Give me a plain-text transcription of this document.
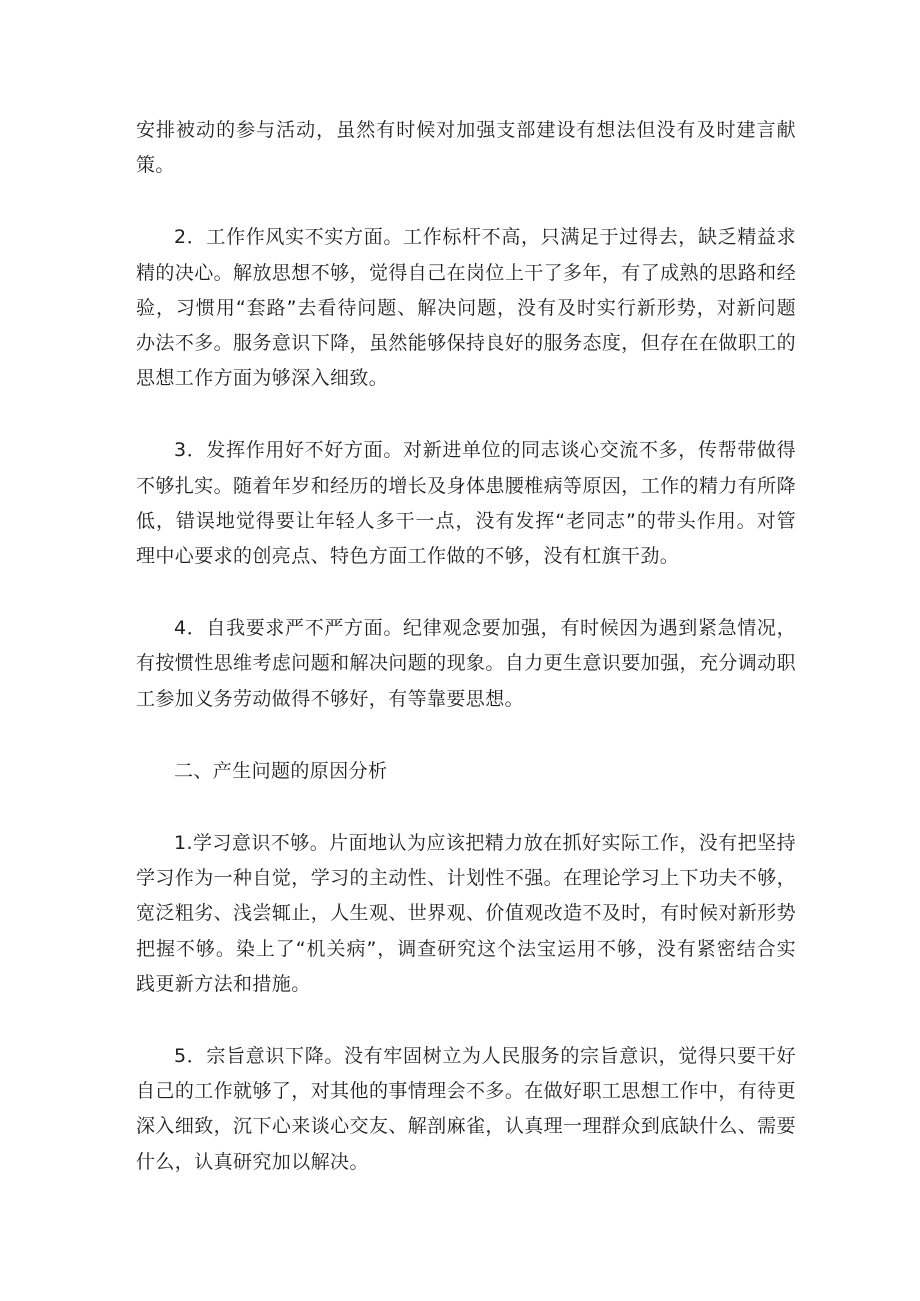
安排被动的参与活动，虽然有时候对加强支部建设有想法但没有及时建言献策。

2．工作作风实不实方面。工作标杆不高，只满足于过得去，缺乏精益求精的决心。解放思想不够，觉得自己在岗位上干了多年，有了成熟的思路和经验，习惯用“套路”去看待问题、解决问题，没有及时实行新形势，对新问题办法不多。服务意识下降，虽然能够保持良好的服务态度，但存在在做职工的思想工作方面为够深入细致。

3．发挥作用好不好方面。对新进单位的同志谈心交流不多，传帮带做得不够扎实。随着年岁和经历的增长及身体患腰椎病等原因，工作的精力有所降低，错误地觉得要让年轻人多干一点，没有发挥“老同志”的带头作用。对管理中心要求的创亮点、特色方面工作做的不够，没有杠旗干劲。

4．自我要求严不严方面。纪律观念要加强，有时候因为遇到紧急情况，有按惯性思维考虑问题和解决问题的现象。自力更生意识要加强，充分调动职工参加义务劳动做得不够好，有等靠要思想。

二、产生问题的原因分析

1.学习意识不够。片面地认为应该把精力放在抓好实际工作，没有把坚持学习作为一种自觉，学习的主动性、计划性不强。在理论学习上下功夫不够，宽泛粗劣、浅尝辄止，人生观、世界观、价值观改造不及时，有时候对新形势把握不够。染上了“机关病”，调查研究这个法宝运用不够，没有紧密结合实践更新方法和措施。

5．宗旨意识下降。没有牢固树立为人民服务的宗旨意识，觉得只要干好自己的工作就够了，对其他的事情理会不多。在做好职工思想工作中，有待更深入细致，沉下心来谈心交友、解剖麻雀，认真理一理群众到底缺什么、需要什么，认真研究加以解决。
